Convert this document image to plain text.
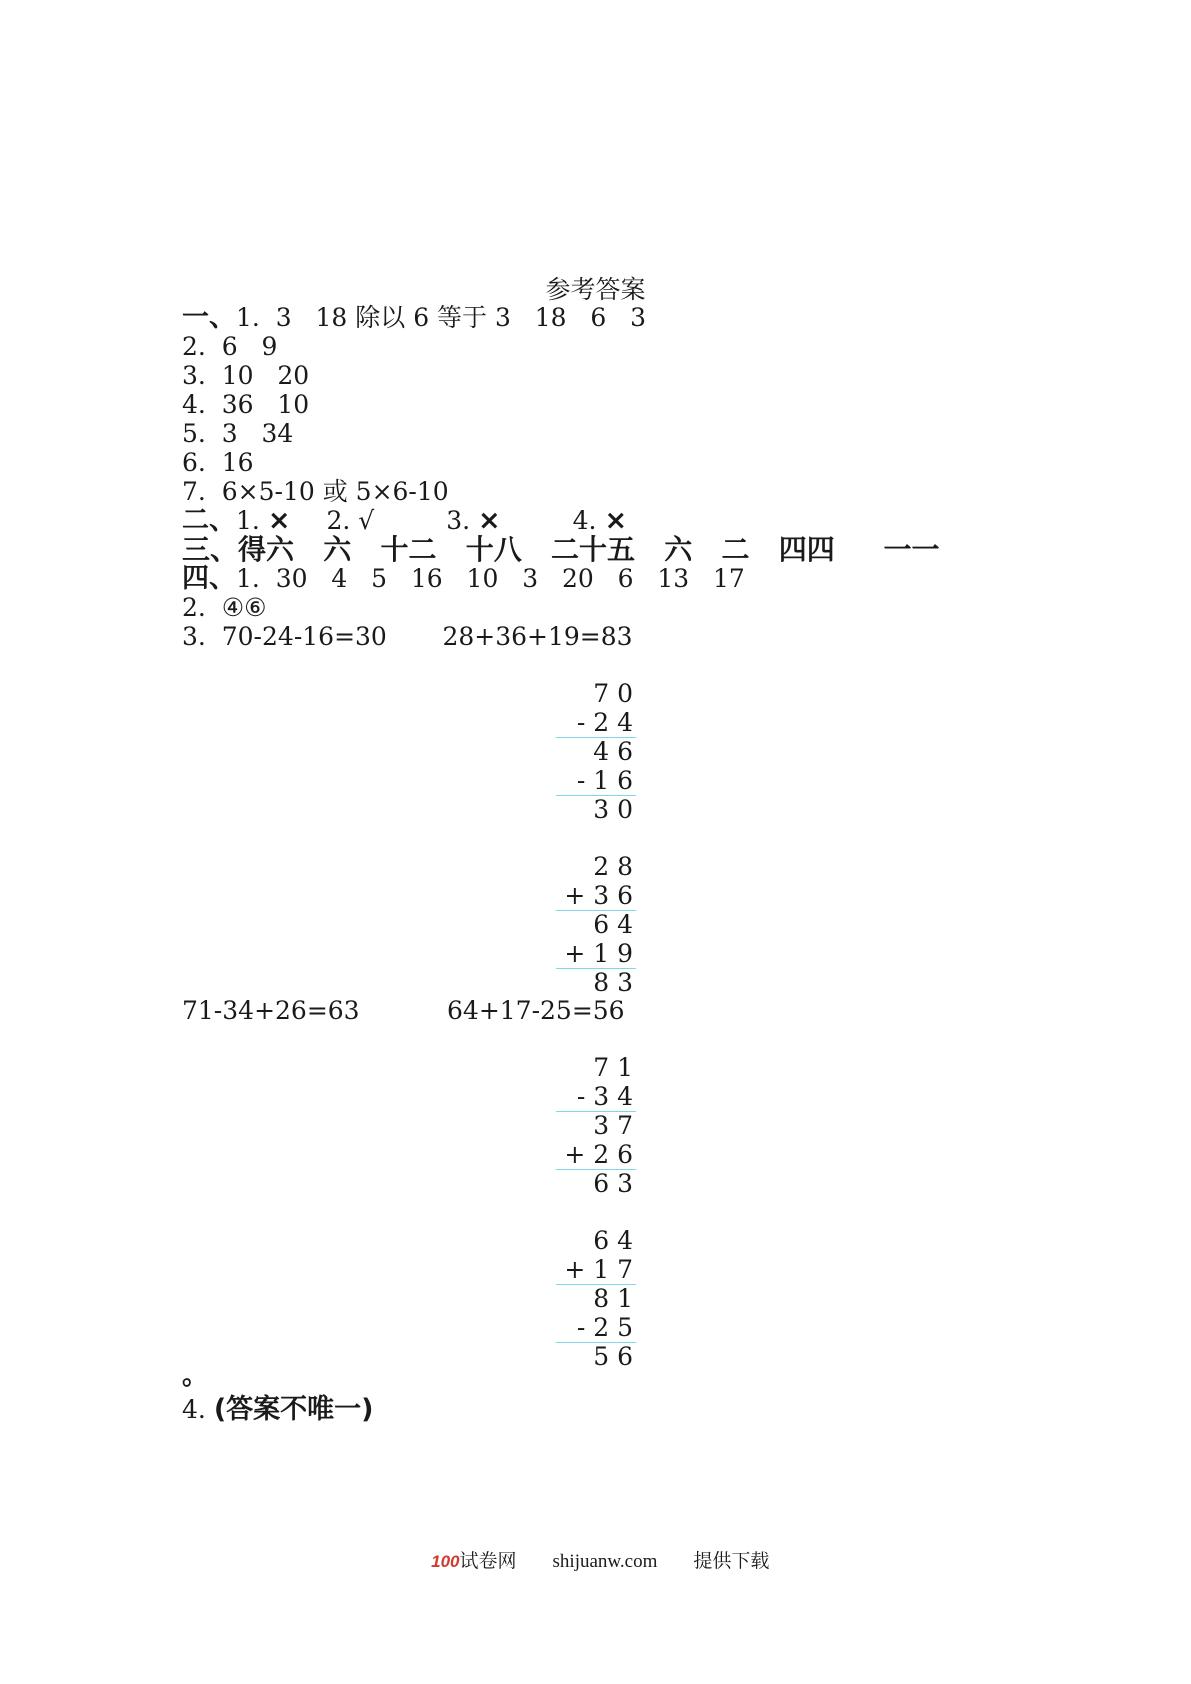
参考答案
一、1.  3   18 除以 6 等于 3   18   6   3
2.  6   9
3.  10   20
4.  36   10
5.  3   34
6.  16
7.  6×5-10 或 5×6-10
二、1. × 2. √	3. ×	4. ×
三、得六   六   十二   十八   二十五   六   二   四四     一一
四、1.  30   4   5   16   10   3   20   6   13   17
2.  ④⑥
3.  70-24-16=30       28+36+19=83
7 0
- 2 4
4 6
- 1 6
3 0
2 8
+ 3 6
6 4
+ 1 9
8 3
71-34+26=63           64+17-25=56
7 1
- 3 4
3 7
+ 2 6
6 3
6 4
+ 1 7
8 1
- 2 5
5 6
。
4. (答案不唯一)

100试卷网 shijuanw.com 提供下载
